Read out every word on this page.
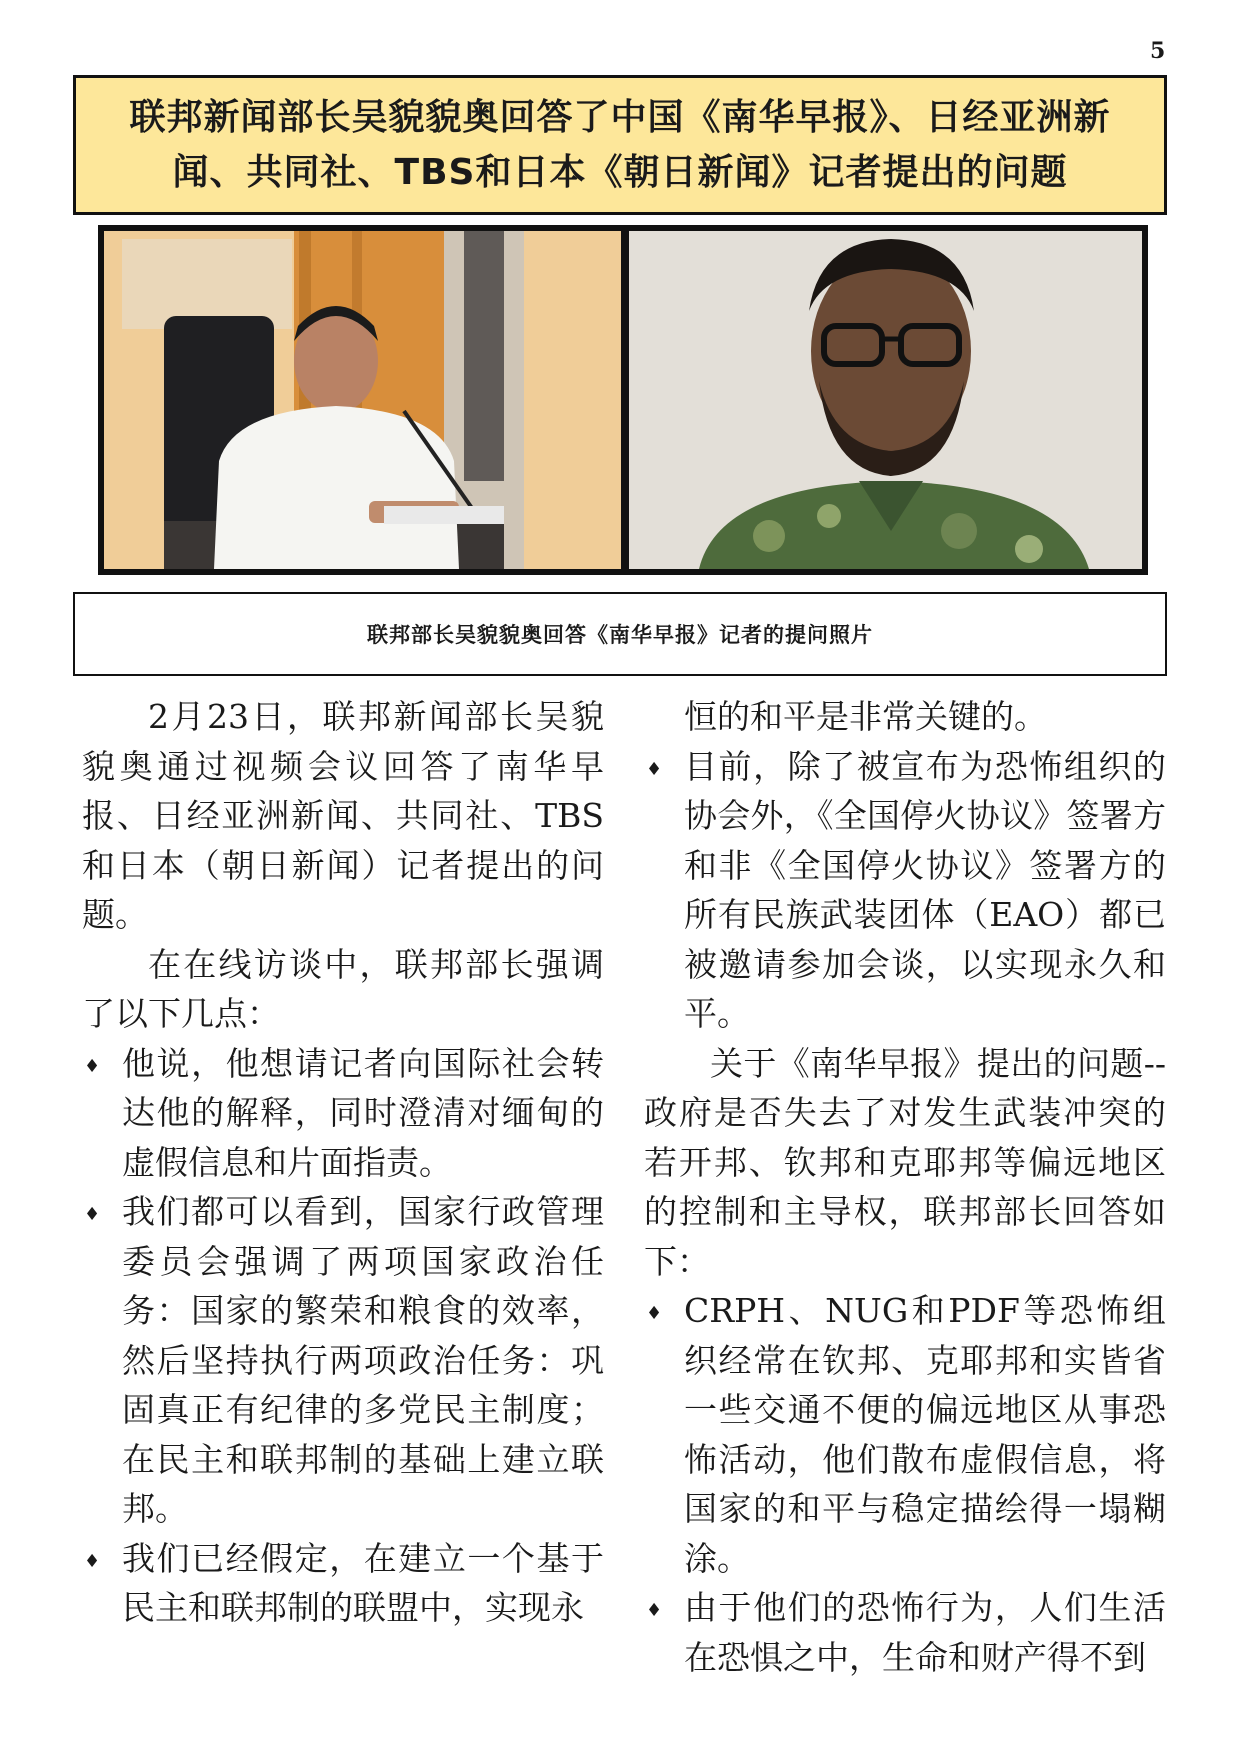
5

联邦新闻部长吴貌貌奥回答了中国《南华早报》、日经亚洲新闻、共同社、TBS和日本《朝日新闻》记者提出的问题

联邦部长吴貌貌奥回答《南华早报》记者的提问照片

2月23日，联邦新闻部长吴貌貌奥通过视频会议回答了南华早报、日经亚洲新闻、共同社、TBS和日本（朝日新闻）记者提出的问题。

在在线访谈中，联邦部长强调了以下几点：

♦ 他说，他想请记者向国际社会转达他的解释，同时澄清对缅甸的虚假信息和片面指责。

♦ 我们都可以看到，国家行政管理委员会强调了两项国家政治任务：国家的繁荣和粮食的效率，然后坚持执行两项政治任务：巩固真正有纪律的多党民主制度；在民主和联邦制的基础上建立联邦。

♦ 我们已经假定，在建立一个基于民主和联邦制的联盟中，实现永

恒的和平是非常关键的。

♦ 目前，除了被宣布为恐怖组织的协会外，《全国停火协议》签署方和非《全国停火协议》签署方的所有民族武装团体（EAO）都已被邀请参加会谈，以实现永久和平。

关于《南华早报》提出的问题--政府是否失去了对发生武装冲突的若开邦、钦邦和克耶邦等偏远地区的控制和主导权，联邦部长回答如下：

♦ CRPH、NUG和PDF等恐怖组织经常在钦邦、克耶邦和实皆省一些交通不便的偏远地区从事恐怖活动，他们散布虚假信息，将国家的和平与稳定描绘得一塌糊涂。

♦ 由于他们的恐怖行为，人们生活在恐惧之中，生命和财产得不到
